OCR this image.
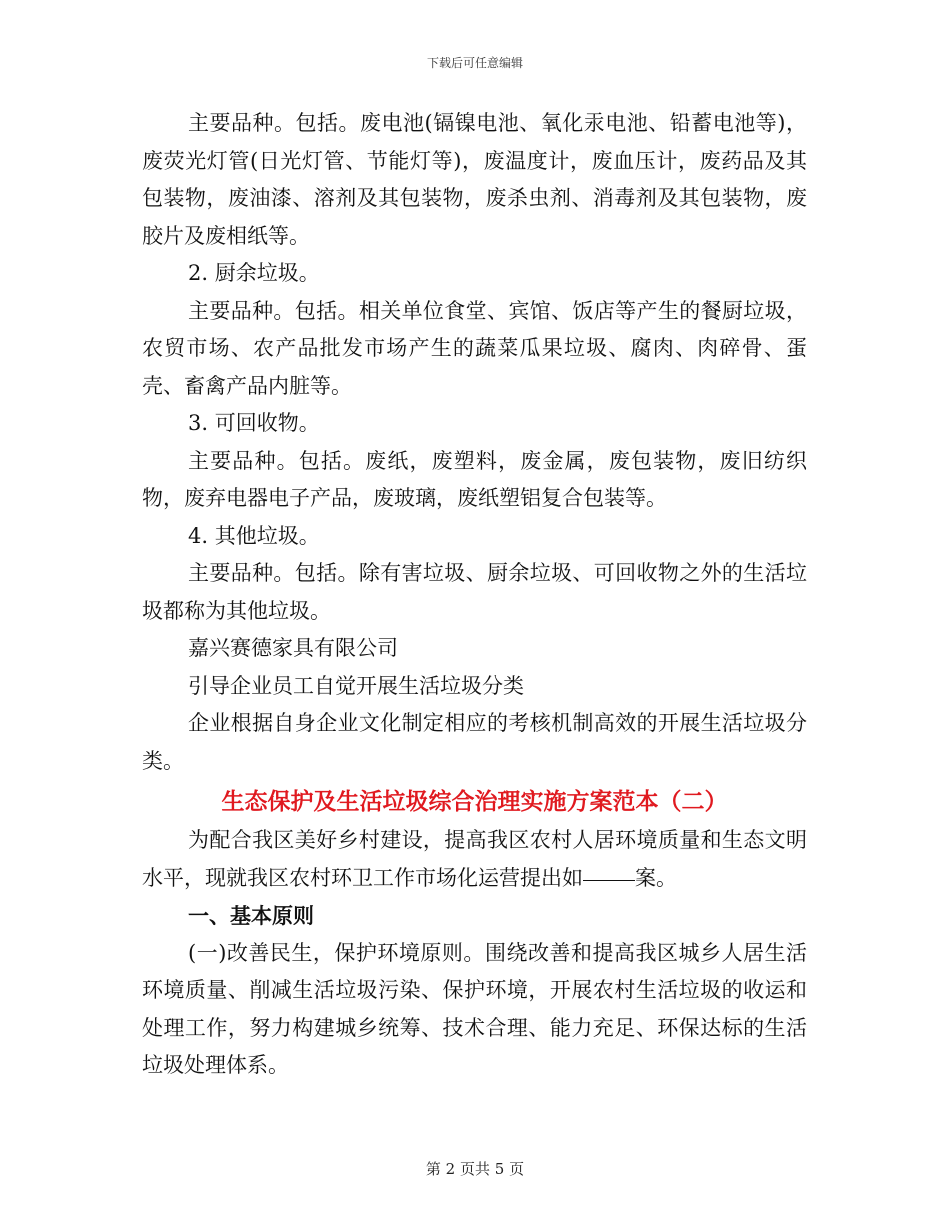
下载后可任意编辑

主要品种。包括。废电池(镉镍电池、氧化汞电池、铅蓄电池等)，废荧光灯管(日光灯管、节能灯等)，废温度计，废血压计，废药品及其包装物，废油漆、溶剂及其包装物，废杀虫剂、消毒剂及其包装物，废胶片及废相纸等。

2. 厨余垃圾。

主要品种。包括。相关单位食堂、宾馆、饭店等产生的餐厨垃圾，农贸市场、农产品批发市场产生的蔬菜瓜果垃圾、腐肉、肉碎骨、蛋壳、畜禽产品内脏等。

3. 可回收物。

主要品种。包括。废纸，废塑料，废金属，废包装物，废旧纺织物，废弃电器电子产品，废玻璃，废纸塑铝复合包装等。

4. 其他垃圾。

主要品种。包括。除有害垃圾、厨余垃圾、可回收物之外的生活垃圾都称为其他垃圾。

嘉兴赛德家具有限公司

引导企业员工自觉开展生活垃圾分类

企业根据自身企业文化制定相应的考核机制高效的开展生活垃圾分类。

生态保护及生活垃圾综合治理实施方案范本（二）

为配合我区美好乡村建设，提高我区农村人居环境质量和生态文明水平，现就我区农村环卫工作市场化运营提出如 案。

一、基本原则

(一)改善民生，保护环境原则。围绕改善和提高我区城乡人居生活环境质量、削减生活垃圾污染、保护环境，开展农村生活垃圾的收运和处理工作，努力构建城乡统筹、技术合理、能力充足、环保达标的生活垃圾处理体系。

第 2 页共 5 页
